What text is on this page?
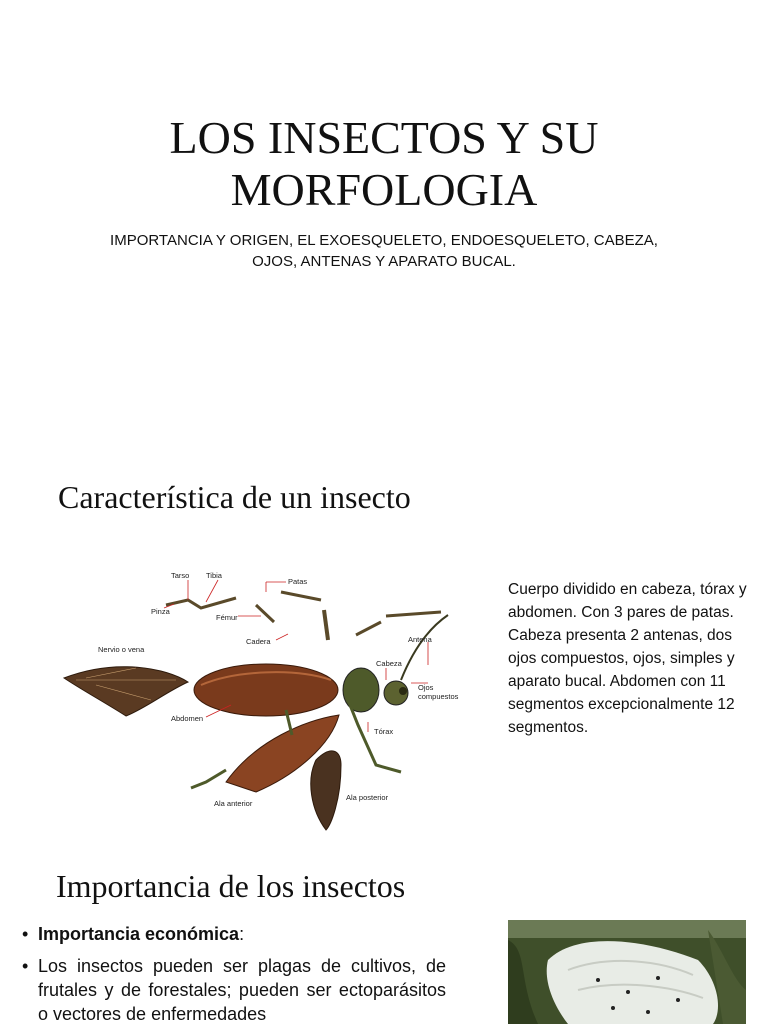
LOS INSECTOS Y SU MORFOLOGIA
IMPORTANCIA Y ORIGEN, EL EXOESQUELETO, ENDOESQUELETO, CABEZA, OJOS, ANTENAS Y APARATO BUCAL.
Característica de un insecto
Tarso Tibia
Patas
Pinza
Fémur
Cadera	Antena
Nervio o vena
Cabeza
Ojos
compuestos
Abdomen
Tórax
Ala anterior
Ala posterior
Cuerpo dividido en cabeza, tórax y abdomen. Con 3 pares de patas. Cabeza presenta 2 antenas, dos ojos compuestos, ojos, simples y aparato bucal. Abdomen con 11 segmentos excepcionalmente 12 segmentos.
Importancia de los insectos
• Importancia económica:
• Los insectos pueden ser plagas de cultivos, de frutales y de forestales; pueden ser ectoparásitos o vectores de enfermedades
